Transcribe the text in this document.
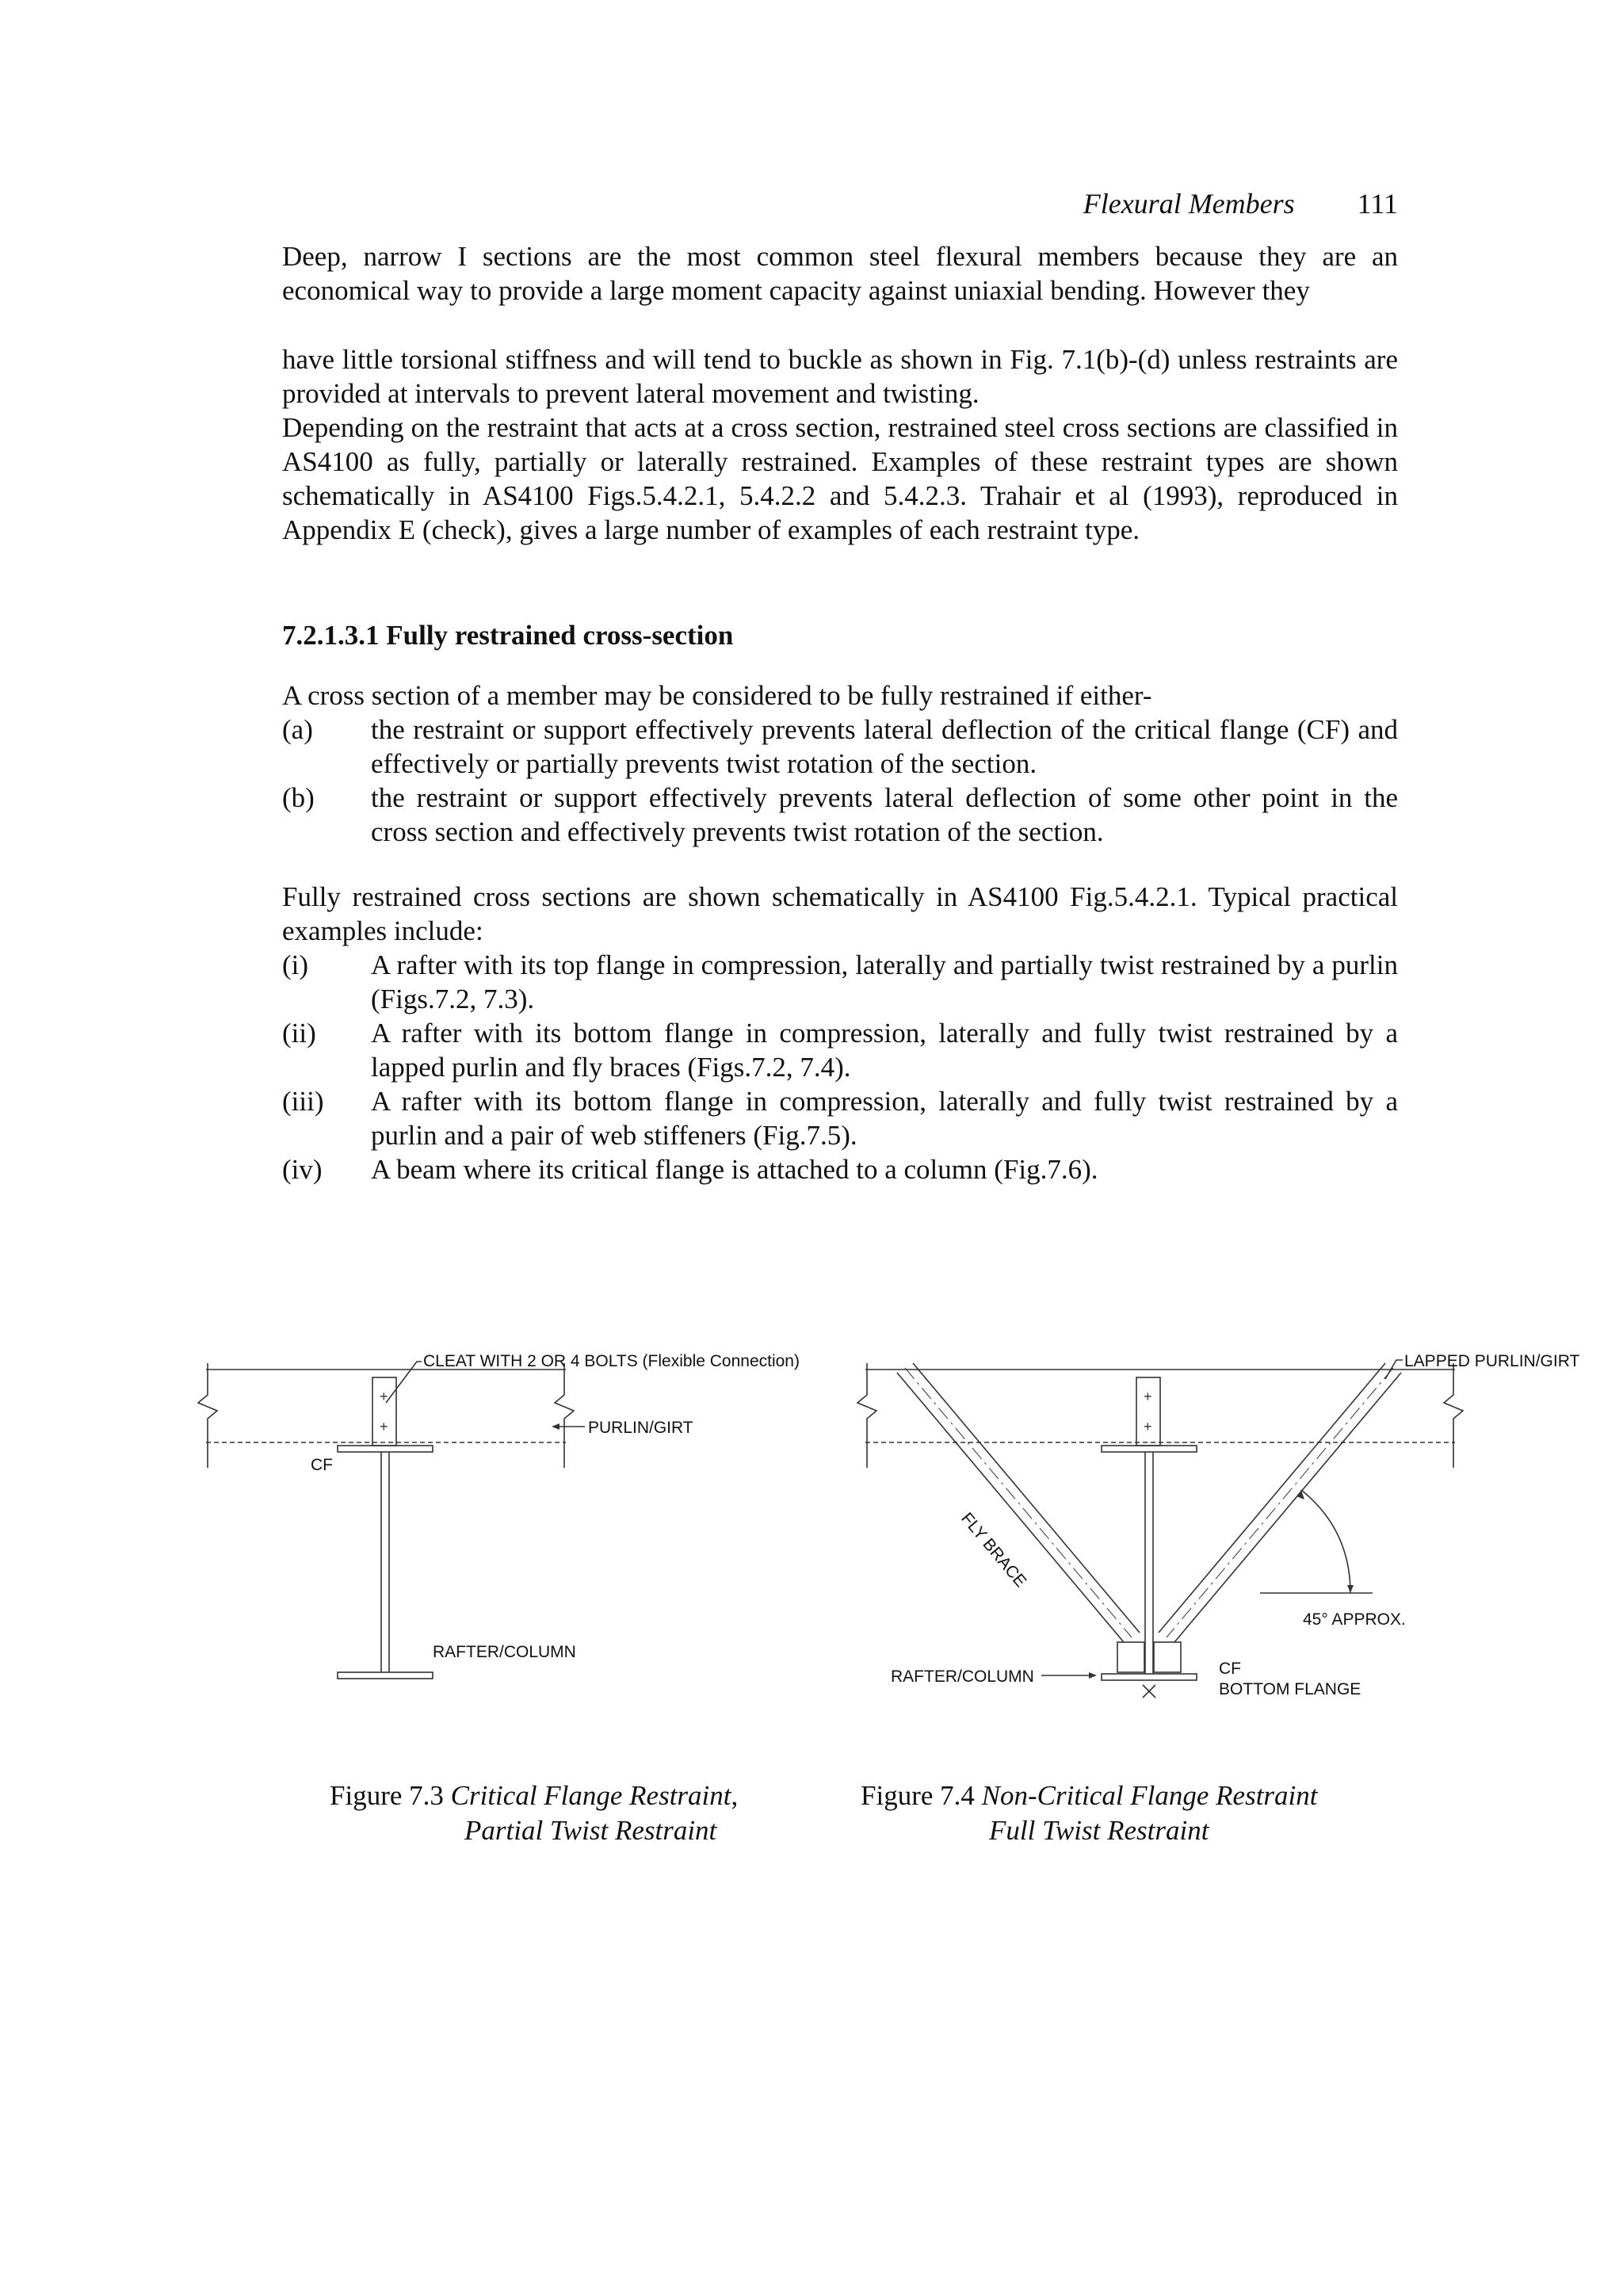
Flexural Members 111

Deep, narrow I sections are the most common steel flexural members because they are an economical way to provide a large moment capacity against uniaxial bending. However they

have little torsional stiffness and will tend to buckle as shown in Fig. 7.1(b)-(d) unless restraints are provided at intervals to prevent lateral movement and twisting.

Depending on the restraint that acts at a cross section, restrained steel cross sections are classified in AS4100 as fully, partially or laterally restrained. Examples of these restraint types are shown schematically in AS4100 Figs.5.4.2.1, 5.4.2.2 and 5.4.2.3. Trahair et al (1993), reproduced in Appendix E (check), gives a large number of examples of each restraint type.

7.2.1.3.1 Fully restrained cross-section

A cross section of a member may be considered to be fully restrained if either-

(a) the restraint or support effectively prevents lateral deflection of the critical flange (CF) and effectively or partially prevents twist rotation of the section.
(b) the restraint or support effectively prevents lateral deflection of some other point in the cross section and effectively prevents twist rotation of the section.

Fully restrained cross sections are shown schematically in AS4100 Fig.5.4.2.1. Typical practical examples include:

(i) A rafter with its top flange in compression, laterally and partially twist restrained by a purlin (Figs.7.2, 7.3).
(ii) A rafter with its bottom flange in compression, laterally and fully twist restrained by a lapped purlin and fly braces (Figs.7.2, 7.4).
(iii) A rafter with its bottom flange in compression, laterally and fully twist restrained by a purlin and a pair of web stiffeners (Fig.7.5).
(iv) A beam where its critical flange is attached to a column (Fig.7.6).
+
+
CLEAT WITH 2 OR 4 BOLTS (Flexible Connection)
PURLIN/GIRT
CF
RAFTER/COLUMN
+
+
LAPPED PURLIN/GIRT
FLY BRACE
45° APPROX.
RAFTER/COLUMN	CF
BOTTOM FLANGE
Figure 7.3 Critical Flange Restraint,
Partial Twist Restraint
Figure 7.4 Non-Critical Flange Restraint
Full Twist Restraint
